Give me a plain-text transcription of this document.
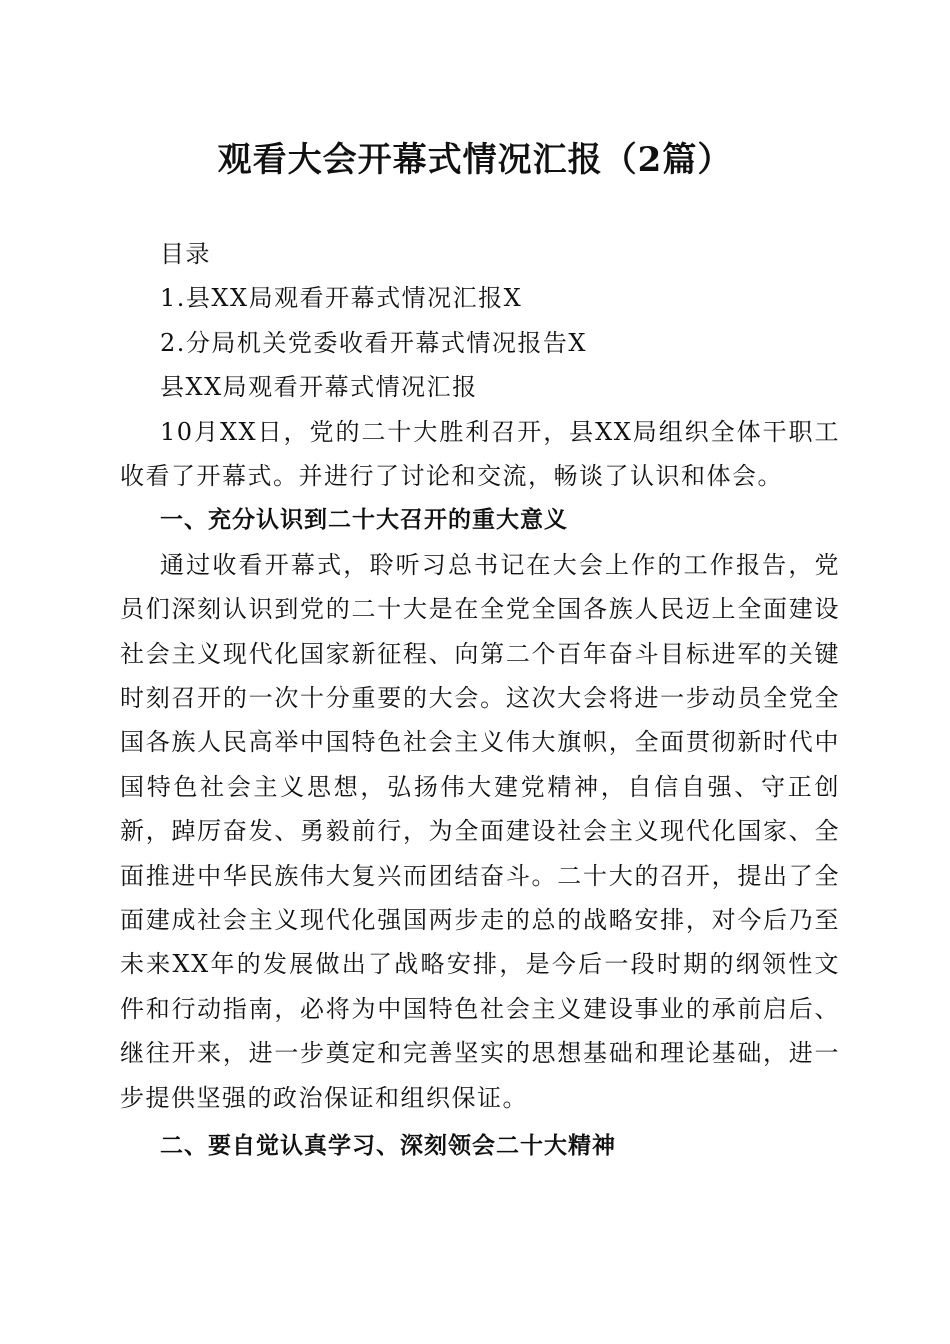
观看大会开幕式情况汇报（2篇）
目录
1.县XX局观看开幕式情况汇报X
2.分局机关党委收看开幕式情况报告X
县XX局观看开幕式情况汇报

10月XX日，党的二十大胜利召开，县XX局组织全体干职工收看了开幕式。并进行了讨论和交流，畅谈了认识和体会。

一、充分认识到二十大召开的重大意义

通过收看开幕式，聆听习总书记在大会上作的工作报告，党员们深刻认识到党的二十大是在全党全国各族人民迈上全面建设社会主义现代化国家新征程、向第二个百年奋斗目标进军的关键时刻召开的一次十分重要的大会。这次大会将进一步动员全党全国各族人民高举中国特色社会主义伟大旗帜，全面贯彻新时代中国特色社会主义思想，弘扬伟大建党精神，自信自强、守正创新，踔厉奋发、勇毅前行，为全面建设社会主义现代化国家、全面推进中华民族伟大复兴而团结奋斗。二十大的召开，提出了全面建成社会主义现代化强国两步走的总的战略安排，对今后乃至未来XX年的发展做出了战略安排，是今后一段时期的纲领性文件和行动指南，必将为中国特色社会主义建设事业的承前启后、继往开来，进一步奠定和完善坚实的思想基础和理论基础，进一步提供坚强的政治保证和组织保证。

二、要自觉认真学习、深刻领会二十大精神
